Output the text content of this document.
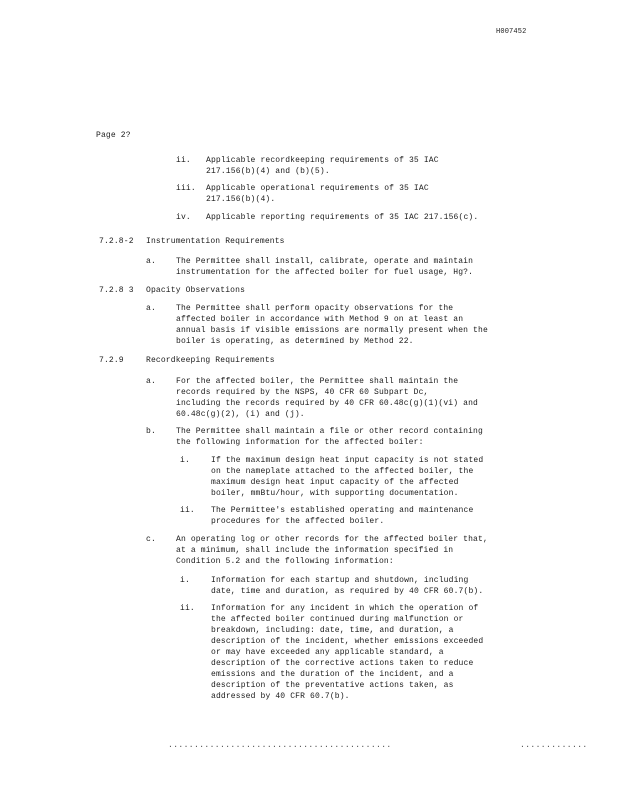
H007452
Page 2?
ii. Applicable recordkeeping requirements of 35 IAC
217.156(b)(4) and (b)(5).
iii. Applicable operational requirements of 35 IAC
217.156(b)(4).
iv. Applicable reporting requirements of 35 IAC 217.156(c).
7.2.8-2 Instrumentation Requirements
a.	The Permittee shall install, calibrate, operate and maintain
instrumentation for the affected boiler for fuel usage, Hg?.
7.2.8 3 Opacity Observations
a.	The Permittee shall perform opacity observations for the
affected boiler in accordance with Method 9 on at least an
annual basis if visible emissions are normally present when the
boiler is operating, as determined by Method 22.
7.2.9	Recordkeeping Requirements
a.	For the affected boiler, the Permittee shall maintain the
records required by the NSPS, 40 CFR 60 Subpart Dc,
including the records required by 40 CFR 60.48c(g)(1)(vi) and
60.48c(g)(2), (i) and (j).
b.	The Permittee shall maintain a file or other record containing
the following information for the affected boiler:
i.	If the maximum design heat input capacity is not stated
on the nameplate attached to the affected boiler, the
maximum design heat input capacity of the affected
boiler, mmBtu/hour, with supporting documentation.
ii. The Permittee's established operating and maintenance
procedures for the affected boiler.
c.	An operating log or other records for the affected boiler that,
at a minimum, shall include the information specified in
Condition 5.2 and the following information:
i.	Information for each startup and shutdown, including
date, time and duration, as required by 40 CFR 60.7(b).
ii. Information for any incident in which the operation of
the affected boiler continued during malfunction or
breakdown, including: date, time, and duration, a
description of the incident, whether emissions exceeded
or may have exceeded any applicable standard, a
description of the corrective actions taken to reduce
emissions and the duration of the incident, and a
description of the preventative actions taken, as
addressed by 40 CFR 60.7(b).
...........................................	.............
